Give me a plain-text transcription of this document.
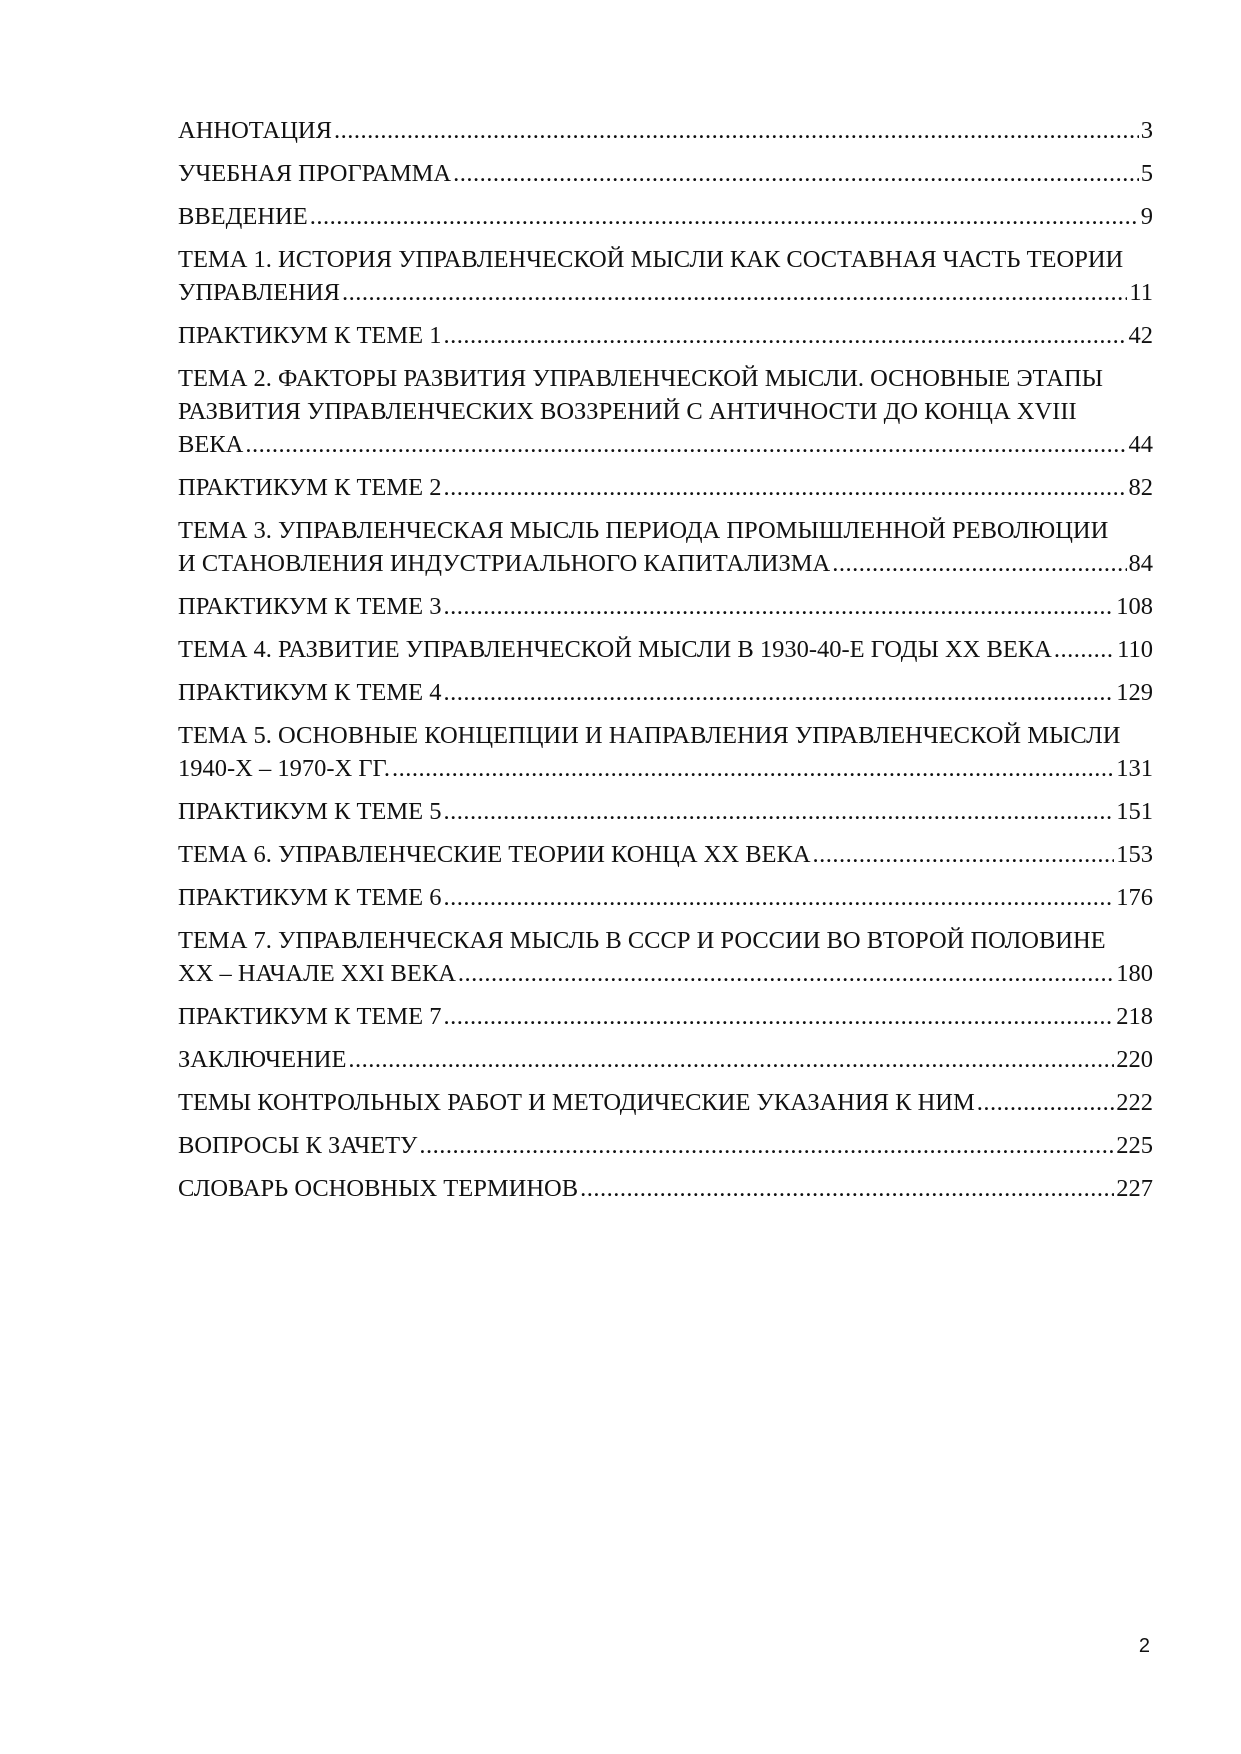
АННОТАЦИЯ .....	3
УЧЕБНАЯ ПРОГРАММА .....	5
ВВЕДЕНИЕ .....	9
ТЕМА 1. ИСТОРИЯ УПРАВЛЕНЧЕСКОЙ МЫСЛИ КАК СОСТАВНАЯ ЧАСТЬ ТЕОРИИ
УПРАВЛЕНИЯ .....	11
ПРАКТИКУМ К ТЕМЕ 1 .....	42
ТЕМА 2. ФАКТОРЫ РАЗВИТИЯ УПРАВЛЕНЧЕСКОЙ МЫСЛИ. ОСНОВНЫЕ ЭТАПЫ
РАЗВИТИЯ УПРАВЛЕНЧЕСКИХ ВОЗЗРЕНИЙ С АНТИЧНОСТИ ДО КОНЦА XVIII
ВЕКА .....	44
ПРАКТИКУМ К ТЕМЕ 2 .....	82
ТЕМА 3. УПРАВЛЕНЧЕСКАЯ МЫСЛЬ ПЕРИОДА ПРОМЫШЛЕННОЙ РЕВОЛЮЦИИ
И СТАНОВЛЕНИЯ ИНДУСТРИАЛЬНОГО КАПИТАЛИЗМА .....	84
ПРАКТИКУМ К ТЕМЕ 3 .....	108
ТЕМА 4. РАЗВИТИЕ УПРАВЛЕНЧЕСКОЙ МЫСЛИ В 1930-40-Е ГОДЫ XX ВЕКА .....	110
ПРАКТИКУМ К ТЕМЕ 4 .....	129
ТЕМА 5. ОСНОВНЫЕ КОНЦЕПЦИИ И НАПРАВЛЕНИЯ УПРАВЛЕНЧЕСКОЙ МЫСЛИ
1940-Х – 1970-Х ГГ. .....	131
ПРАКТИКУМ К ТЕМЕ 5 .....	151
ТЕМА 6. УПРАВЛЕНЧЕСКИЕ ТЕОРИИ КОНЦА XX ВЕКА .....	153
ПРАКТИКУМ К ТЕМЕ 6 .....	176
ТЕМА 7. УПРАВЛЕНЧЕСКАЯ МЫСЛЬ В СССР И РОССИИ ВО ВТОРОЙ ПОЛОВИНЕ
XX – НАЧАЛЕ XXI ВЕКА .....	180
ПРАКТИКУМ К ТЕМЕ 7 .....	218
ЗАКЛЮЧЕНИЕ .....	220
ТЕМЫ КОНТРОЛЬНЫХ РАБОТ И МЕТОДИЧЕСКИЕ УКАЗАНИЯ К НИМ .....	222
ВОПРОСЫ К ЗАЧЕТУ .....	225
СЛОВАРЬ ОСНОВНЫХ ТЕРМИНОВ .....	227
2
